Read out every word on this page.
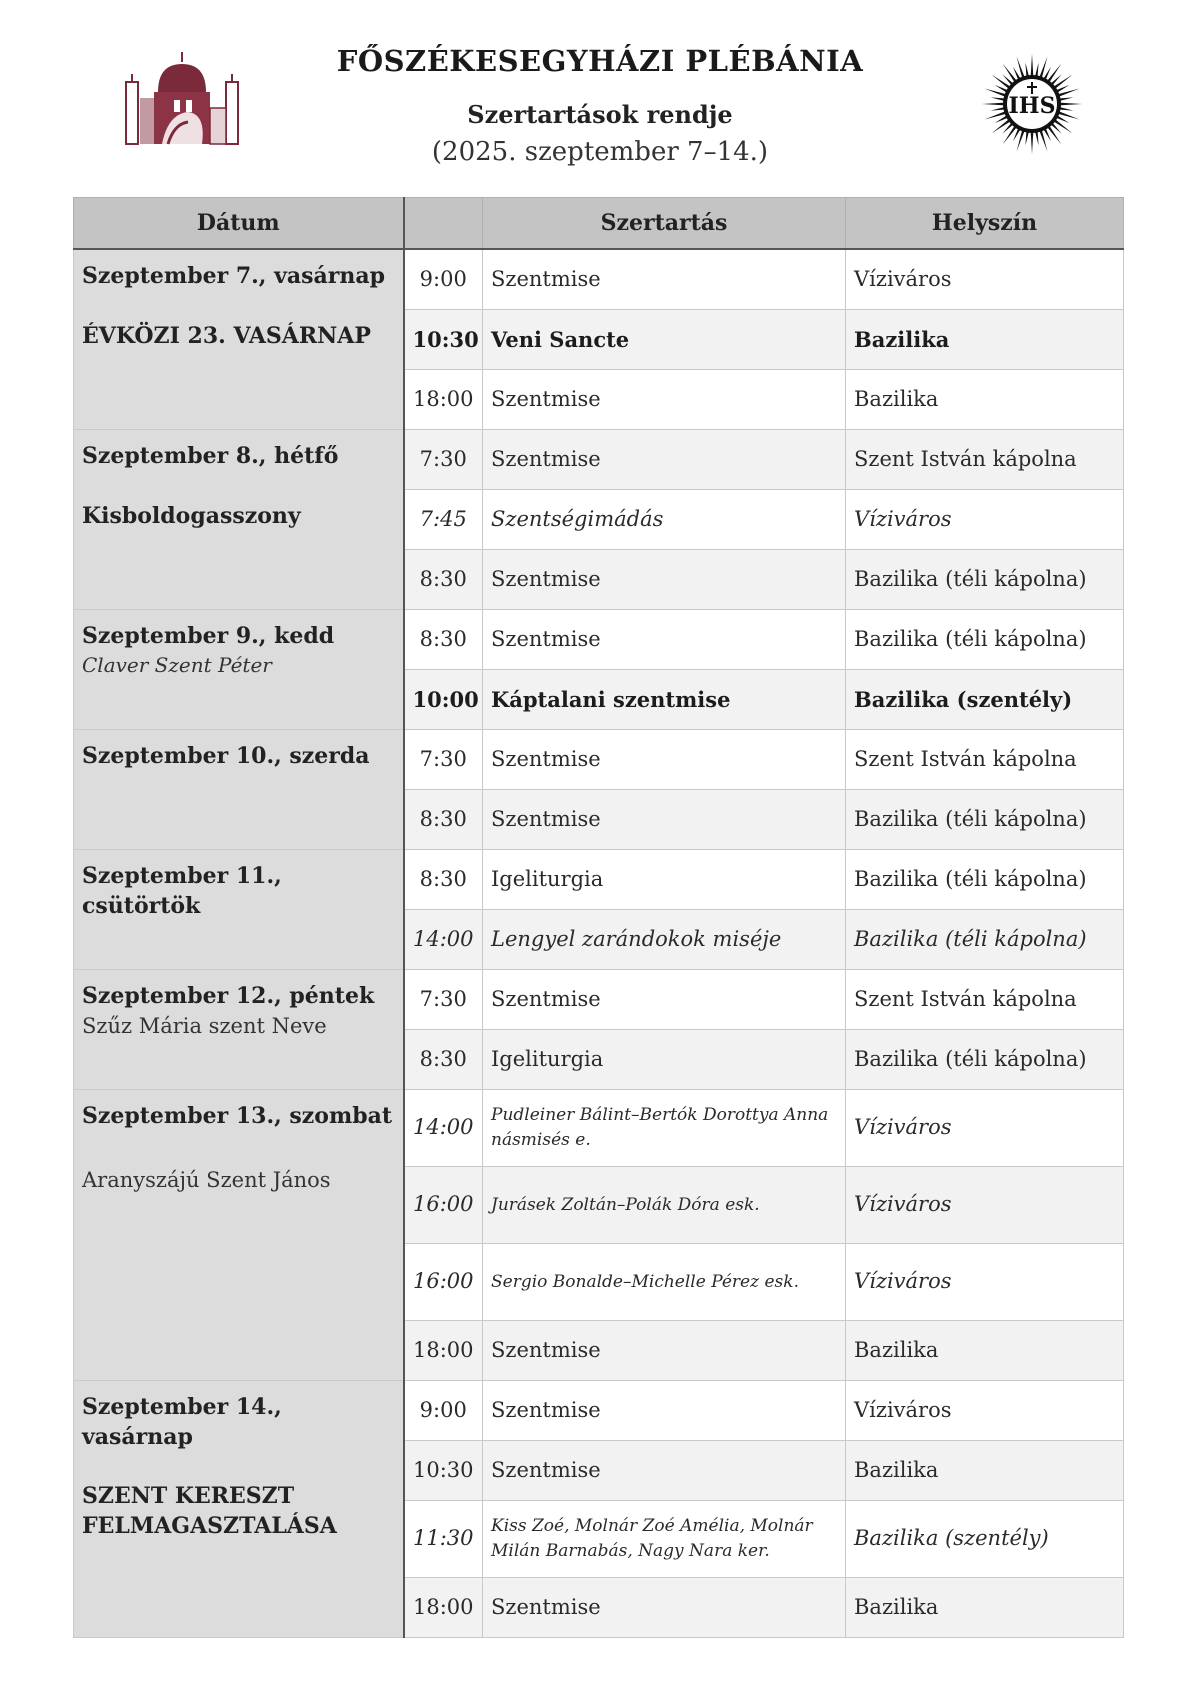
FŐSZÉKESEGYHÁZI PLÉBÁNIA
Szertartások rendje
(2025. szeptember 7–14.)
IHS
Dátum		Szertartás	Helyszín
Szeptember 7., vasárnap
ÉVKÖZI 23. VASÁRNAP	9:00	Szentmise	Víziváros
	10:30	Veni Sancte	Bazilika
	18:00	Szentmise	Bazilika
Szeptember 8., hétfő
Kisboldogasszony	7:30	Szentmise	Szent István kápolna
	7:45	Szentségimádás	Víziváros
	8:30	Szentmise	Bazilika (téli kápolna)
Szeptember 9., kedd
Claver Szent Péter	8:30	Szentmise	Bazilika (téli kápolna)
	10:00	Káptalani szentmise	Bazilika (szentély)
Szeptember 10., szerda	7:30	Szentmise	Szent István kápolna
	8:30	Szentmise	Bazilika (téli kápolna)
Szeptember 11., csütörtök	8:30	Igeliturgia	Bazilika (téli kápolna)
	14:00	Lengyel zarándokok miséje	Bazilika (téli kápolna)
Szeptember 12., péntek
Szűz Mária szent Neve	7:30	Szentmise	Szent István kápolna
	8:30	Igeliturgia	Bazilika (téli kápolna)
Szeptember 13., szombat
Aranyszájú Szent János	14:00	Pudleiner Bálint–Bertók Dorottya Anna násmisés e.	Víziváros
	16:00	Jurásek Zoltán–Polák Dóra esk.	Víziváros
	16:00	Sergio Bonalde–Michelle Pérez esk.	Víziváros
	18:00	Szentmise	Bazilika
Szeptember 14., vasárnap
SZENT KERESZT FELMAGASZTALÁSA	9:00	Szentmise	Víziváros
	10:30	Szentmise	Bazilika
	11:30	Kiss Zoé, Molnár Zoé Amélia, Molnár Milán Barnabás, Nagy Nara ker.	Bazilika (szentély)
	18:00	Szentmise	Bazilika
